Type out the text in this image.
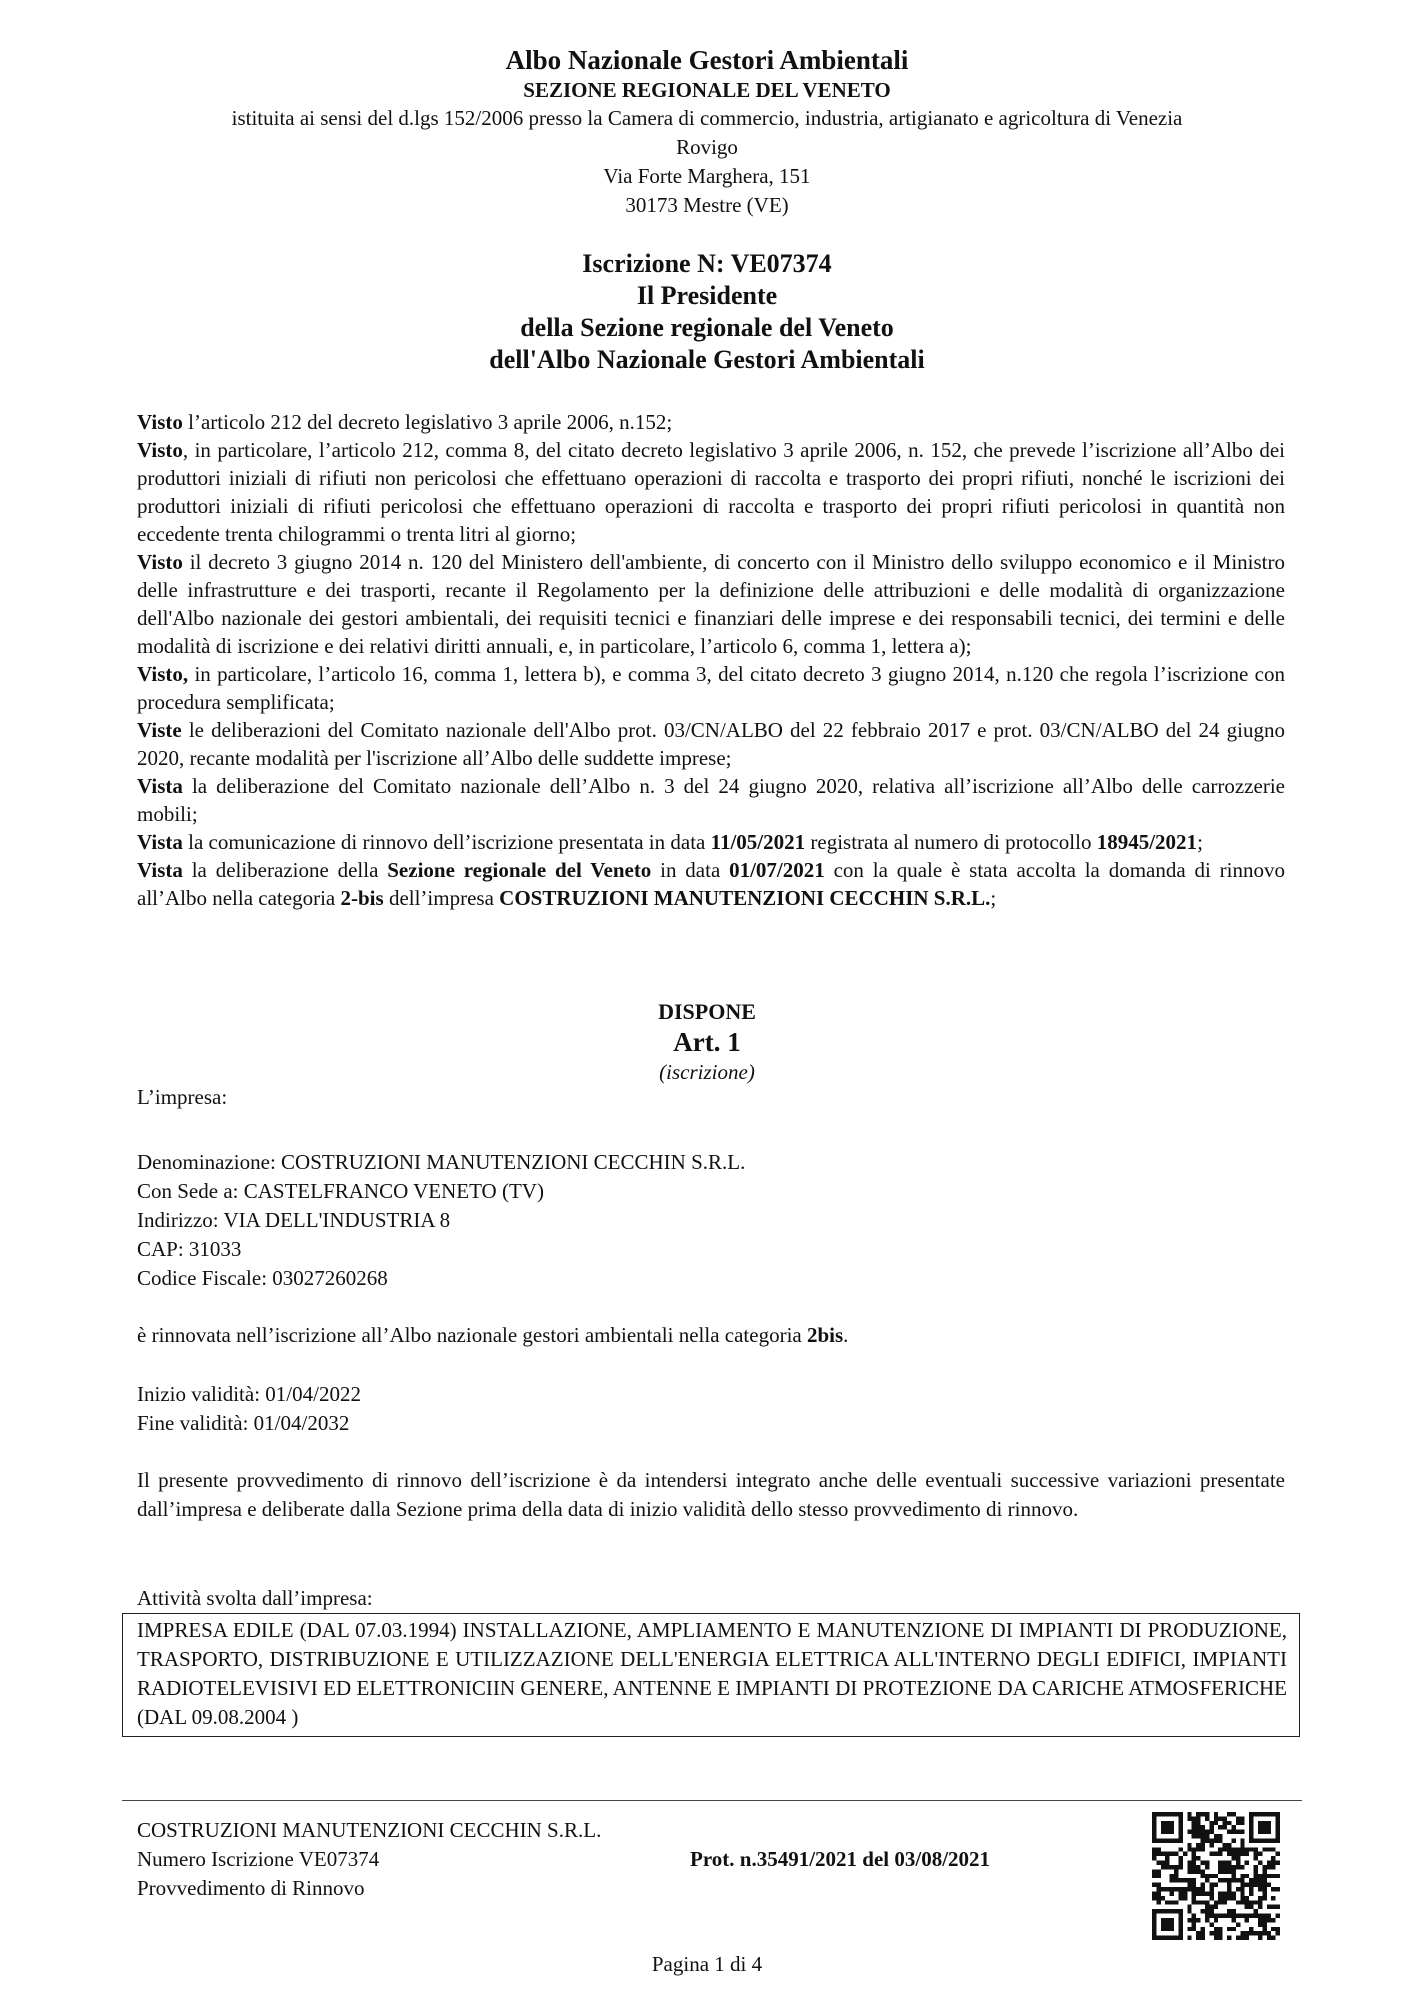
Albo Nazionale Gestori Ambientali
SEZIONE REGIONALE DEL VENETO
istituita ai sensi del d.lgs 152/2006 presso la Camera di commercio, industria, artigianato e agricoltura di Venezia
Rovigo
Via Forte Marghera, 151
30173 Mestre (VE)
Iscrizione N: VE07374
Il Presidente
della Sezione regionale del Veneto
dell'Albo Nazionale Gestori Ambientali

Visto l’articolo 212 del decreto legislativo 3 aprile 2006, n.152;

Visto, in particolare, l’articolo 212, comma 8, del citato decreto legislativo 3 aprile 2006, n. 152, che prevede l’iscrizione all’Albo dei produttori iniziali di rifiuti non pericolosi che effettuano operazioni di raccolta e trasporto dei propri rifiuti, nonché le iscrizioni dei produttori iniziali di rifiuti pericolosi che effettuano operazioni di raccolta e trasporto dei propri rifiuti pericolosi in quantità non eccedente trenta chilogrammi o trenta litri al giorno;

Visto il decreto 3 giugno 2014 n. 120 del Ministero dell'ambiente, di concerto con il Ministro dello sviluppo economico e il Ministro delle infrastrutture e dei trasporti, recante il Regolamento per la definizione delle attribuzioni e delle modalità di organizzazione dell'Albo nazionale dei gestori ambientali, dei requisiti tecnici e finanziari delle imprese e dei responsabili tecnici, dei termini e delle modalità di iscrizione e dei relativi diritti annuali, e, in particolare, l’articolo 6, comma 1, lettera a);

Visto, in particolare, l’articolo 16, comma 1, lettera b), e comma 3, del citato decreto 3 giugno 2014, n.120 che regola l’iscrizione con procedura semplificata;

Viste le deliberazioni del Comitato nazionale dell'Albo prot. 03/CN/ALBO del 22 febbraio 2017 e prot. 03/CN/ALBO del 24 giugno 2020, recante modalità per l'iscrizione all’Albo delle suddette imprese;

Vista la deliberazione del Comitato nazionale dell’Albo n. 3 del 24 giugno 2020, relativa all’iscrizione all’Albo delle carrozzerie mobili;

Vista la comunicazione di rinnovo dell’iscrizione presentata in data 11/05/2021 registrata al numero di protocollo 18945/2021;

Vista la deliberazione della Sezione regionale del Veneto in data 01/07/2021 con la quale è stata accolta la domanda di rinnovo all’Albo nella categoria 2-bis dell’impresa COSTRUZIONI MANUTENZIONI CECCHIN S.R.L.;

DISPONE
Art. 1
(iscrizione)
L’impresa:
Denominazione: COSTRUZIONI MANUTENZIONI CECCHIN S.R.L.
Con Sede a: CASTELFRANCO VENETO (TV)
Indirizzo: VIA DELL'INDUSTRIA 8
CAP: 31033
Codice Fiscale: 03027260268
è rinnovata nell’iscrizione all’Albo nazionale gestori ambientali nella categoria 2bis.
Inizio validità: 01/04/2022
Fine validità: 01/04/2032
Il presente provvedimento di rinnovo dell’iscrizione è da intendersi integrato anche delle eventuali successive variazioni presentate dall’impresa e deliberate dalla Sezione prima della data di inizio validità dello stesso provvedimento di rinnovo.
Attività svolta dall’impresa:
IMPRESA EDILE (DAL 07.03.1994) INSTALLAZIONE, AMPLIAMENTO E MANUTENZIONE DI IMPIANTI DI PRODUZIONE, TRASPORTO, DISTRIBUZIONE E UTILIZZAZIONE DELL'ENERGIA ELETTRICA ALL'INTERNO DEGLI EDIFICI, IMPIANTI RADIOTELEVISIVI ED ELETTRONICIIN GENERE, ANTENNE E IMPIANTI DI PROTEZIONE DA CARICHE ATMOSFERICHE (DAL 09.08.2004 )
COSTRUZIONI MANUTENZIONI CECCHIN S.R.L.
Numero Iscrizione VE07374
Provvedimento di Rinnovo
Prot. n.35491/2021 del 03/08/2021
Pagina 1 di 4
